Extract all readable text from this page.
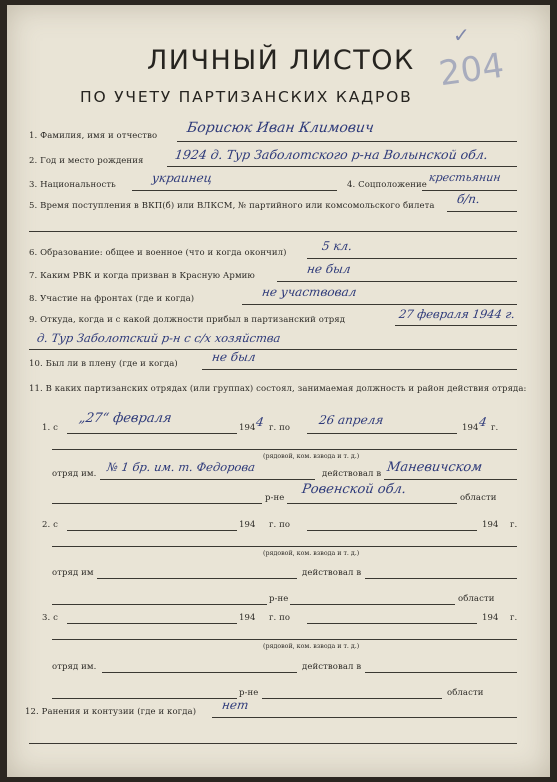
ЛИЧНЫЙ ЛИСТОК
ПО УЧЕТУ ПАРТИЗАНСКИХ КАДРОВ
204
✓
1. Фамилия, имя и отчество Борисюк Иван Климович
2. Год и место рождения 1924 д. Тур Заболотского р-на Волынской обл.
3. Национальность	украинец	4. Соцположение
крестьянин
5. Время поступления в ВКП(б) или ВЛКСМ, № партийного или комсомольского билета б/п.
6. Образование: общее и военное (что и когда окончил)	5 кл.
7. Каким РВК и когда призван в Красную Армию	не был
8. Участие на фронтах (где и когда)	не участвовал
9. Откуда, когда и с какой должности прибыл в партизанский отряд	27 февраля 1944 г.
д. Тур Заболотский р-н с с/х хозяйства
10. Был ли в плену (где и когда)	не был
11. В каких партизанских отрядах (или группах) состоял, занимаемая должность и район действия отряда:
1. с
„27“ февраля
194 4 г. по
26 апреля
194 4 г.
(рядовой, ком. взвода и т. д.)
отряд им. № 1 бр. им. т. Федорова	действовал в Маневичском
р-не
Ровенской обл.
области
2. с	194 г. по	194 г.
(рядовой, ком. взвода и т. д.)
отряд им	действовал в
р-не	области
3. с	194 г. по	194 г.
(рядовой, ком. взвода и т. д.)
отряд им.	действовал в
р-не	области
12. Ранения и контузии (где и когда) нет
